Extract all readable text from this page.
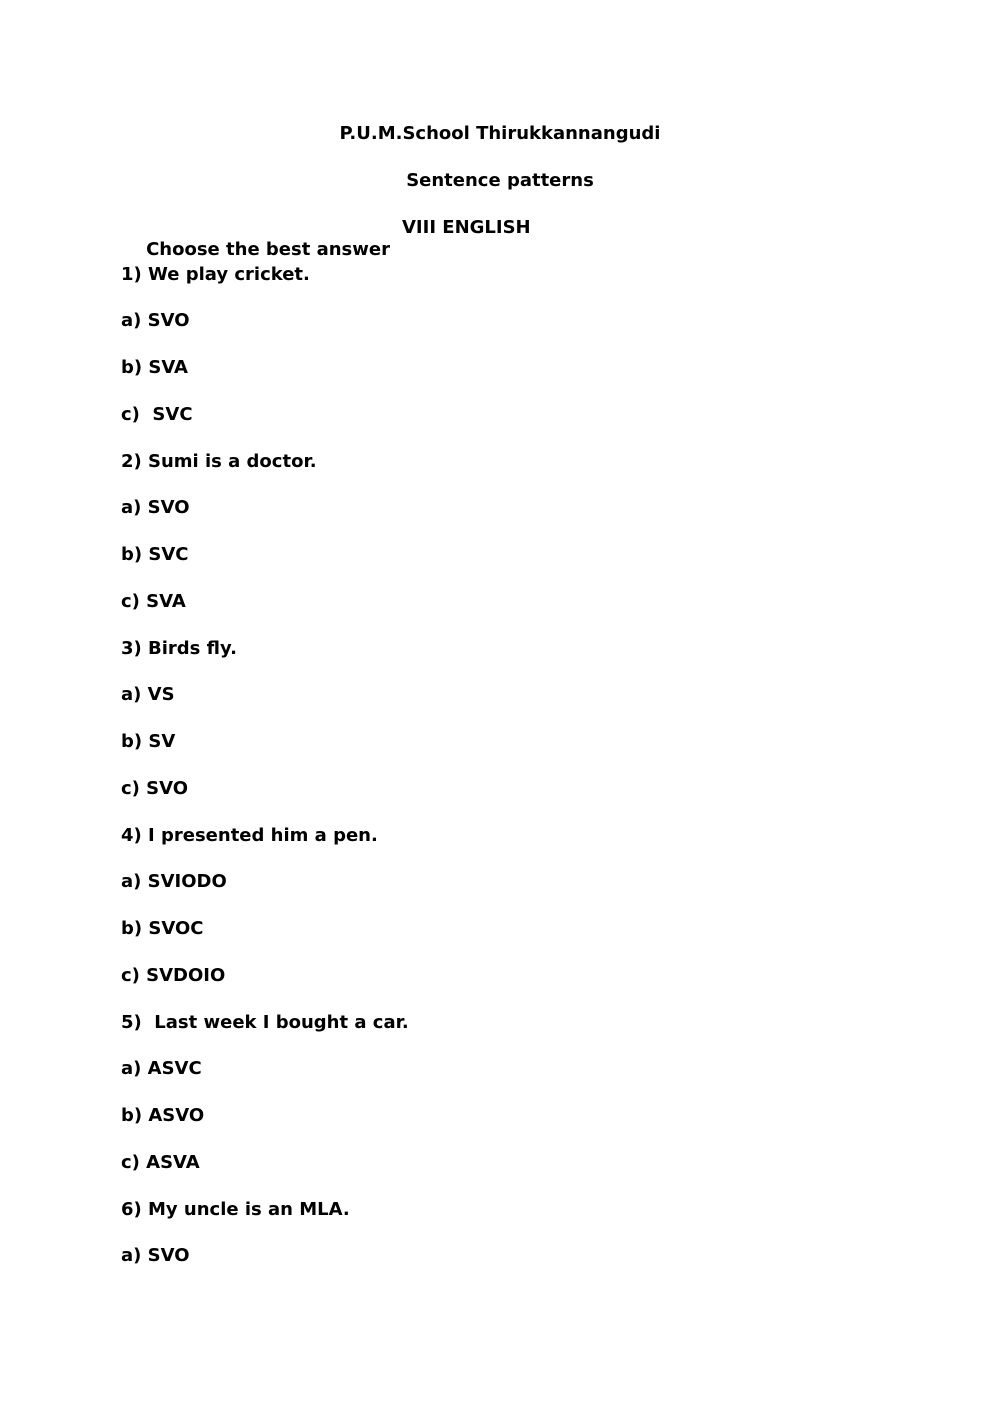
P.U.M.School Thirukkannangudi
Sentence patterns

Choose the best answer

VIII ENGLISH
1) We play cricket.
a) SVO
b) SVA
c)  SVC
2) Sumi is a doctor.
a) SVO
b) SVC
c) SVA
3) Birds fly.
a) VS
b) SV
c) SVO
4) I presented him a pen.
a) SVIODO
b) SVOC
c) SVDOIO
5)  Last week I bought a car.
a) ASVC
b) ASVO
c) ASVA
6) My uncle is an MLA.
a) SVO
